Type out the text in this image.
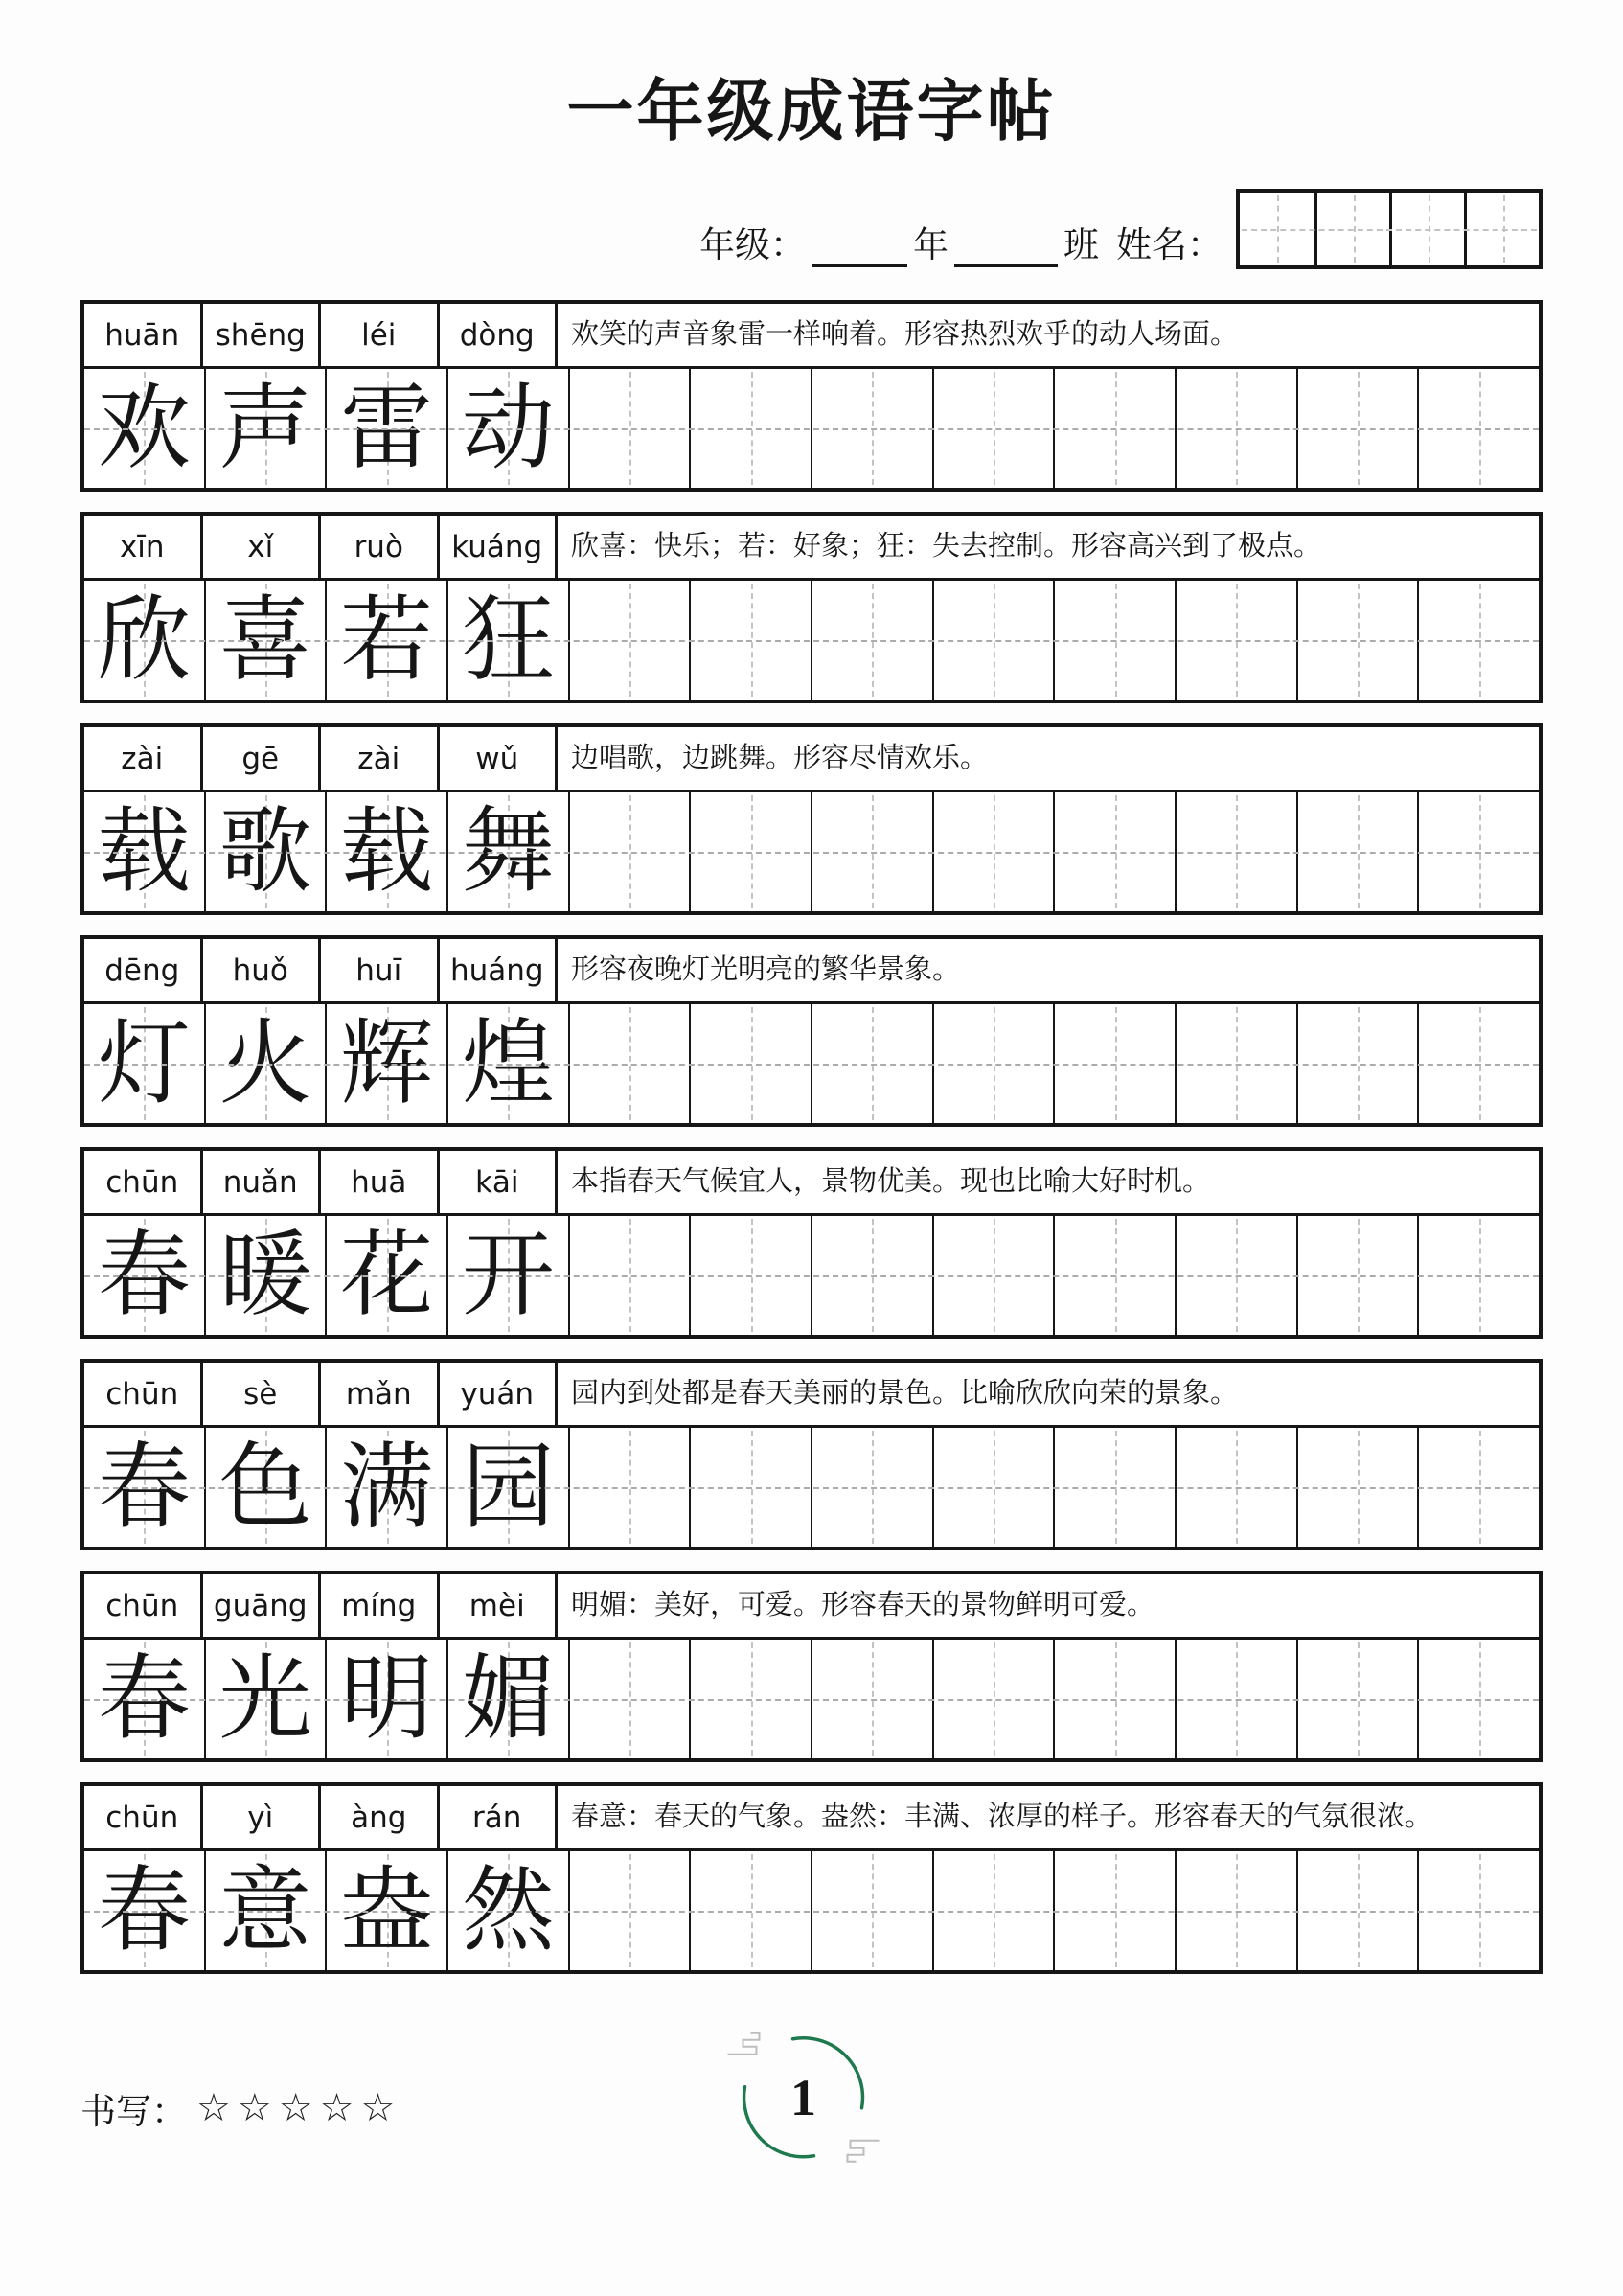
一年级成语字帖
年级：	年	班 姓名：
huān	shēng	léi	dòng	欢笑的声音象雷一样响着。形容热烈欢乎的动人场面。
欢 声 雷 动
xīn	xǐ	ruò	kuáng	欣喜：快乐；若：好象；狂：失去控制。形容高兴到了极点。
欣 喜 若 狂
zài	gē	zài	wǔ	边唱歌，边跳舞。形容尽情欢乐。
载 歌 载 舞
dēng	huǒ	huī	huáng 形容夜晚灯光明亮的繁华景象。
灯 火 辉 煌
chūn	nuǎn	huā	kāi	本指春天气候宜人，景物优美。现也比喻大好时机。
春 暖 花 开
chūn	sè	mǎn	yuán	园内到处都是春天美丽的景色。比喻欣欣向荣的景象。
春 色 满 园
chūn	guāng	míng	mèi	明媚：美好，可爱。形容春天的景物鲜明可爱。
春 光 明 媚
chūn	yì	àng	rán	春意：春天的气象。盎然：丰满、浓厚的样子。形容春天的气氛很浓。
春 意 盎 然
书写： ☆☆☆☆☆	1
